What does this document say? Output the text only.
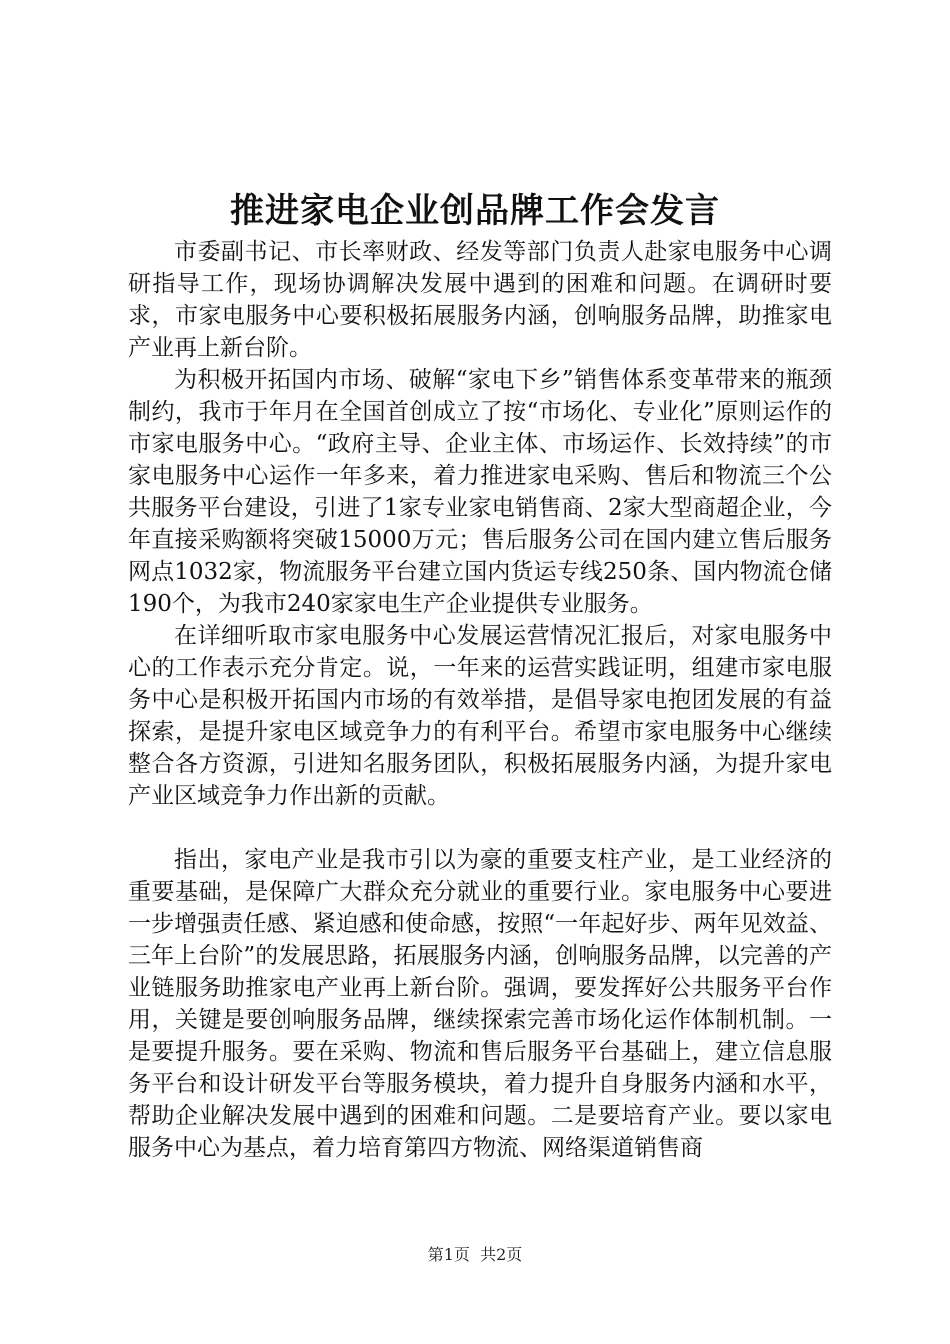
推进家电企业创品牌工作会发言

市委副书记、市长率财政、经发等部门负责人赴家电服务中心调研指导工作，现场协调解决发展中遇到的困难和问题。在调研时要求，市家电服务中心要积极拓展服务内涵，创响服务品牌，助推家电产业再上新台阶。

为积极开拓国内市场、破解“家电下乡”销售体系变革带来的瓶颈制约，我市于年月在全国首创成立了按“市场化、专业化”原则运作的市家电服务中心。“政府主导、企业主体、市场运作、长效持续”的市家电服务中心运作一年多来，着力推进家电采购、售后和物流三个公共服务平台建设，引进了1家专业家电销售商、2家大型商超企业，今年直接采购额将突破15000万元；售后服务公司在国内建立售后服务网点1032家，物流服务平台建立国内货运专线250条、国内物流仓储190个，为我市240家家电生产企业提供专业服务。

在详细听取市家电服务中心发展运营情况汇报后，对家电服务中心的工作表示充分肯定。说，一年来的运营实践证明，组建市家电服务中心是积极开拓国内市场的有效举措，是倡导家电抱团发展的有益探索，是提升家电区域竞争力的有利平台。希望市家电服务中心继续整合各方资源，引进知名服务团队，积极拓展服务内涵，为提升家电产业区域竞争力作出新的贡献。

指出，家电产业是我市引以为豪的重要支柱产业，是工业经济的重要基础，是保障广大群众充分就业的重要行业。家电服务中心要进一步增强责任感、紧迫感和使命感，按照“一年起好步、两年见效益、三年上台阶”的发展思路，拓展服务内涵，创响服务品牌，以完善的产业链服务助推家电产业再上新台阶。强调，要发挥好公共服务平台作用，关键是要创响服务品牌，继续探索完善市场化运作体制机制。一是要提升服务。要在采购、物流和售后服务平台基础上，建立信息服务平台和设计研发平台等服务模块，着力提升自身服务内涵和水平，帮助企业解决发展中遇到的困难和问题。二是要培育产业。要以家电服务中心为基点，着力培育第四方物流、网络渠道销售商

第1页 共2页
